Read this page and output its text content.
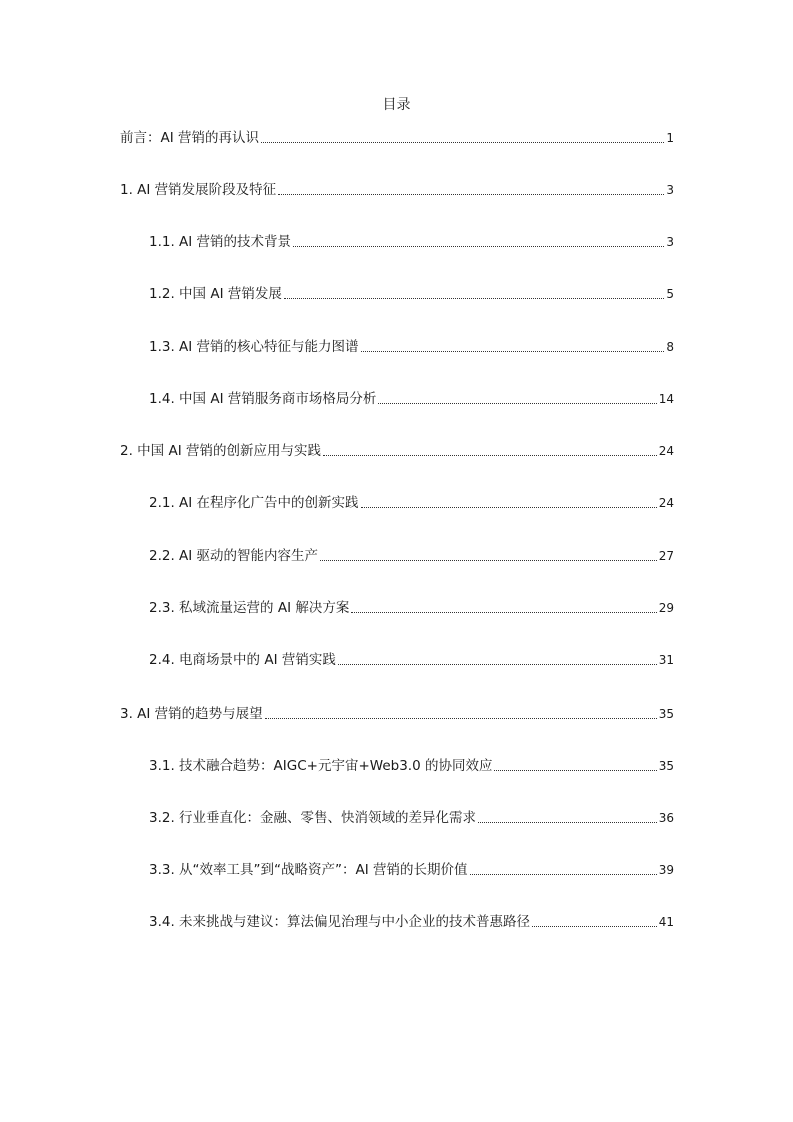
目录
前言：AI 营销的再认识	1
1. AI 营销发展阶段及特征	3
1.1. AI 营销的技术背景	3
1.2. 中国 AI 营销发展	5
1.3. AI 营销的核心特征与能力图谱	8
1.4. 中国 AI 营销服务商市场格局分析	14
2. 中国 AI 营销的创新应用与实践	24
2.1. AI 在程序化广告中的创新实践	24
2.2. AI 驱动的智能内容生产	27
2.3. 私域流量运营的 AI 解决方案	29
2.4. 电商场景中的 AI 营销实践	31
3. AI 营销的趋势与展望	35
3.1. 技术融合趋势：AIGC+元宇宙+Web3.0 的协同效应	35
3.2. 行业垂直化：金融、零售、快消领域的差异化需求	36
3.3. 从“效率工具”到“战略资产”：AI 营销的长期价值	39
3.4. 未来挑战与建议：算法偏见治理与中小企业的技术普惠路径	41
